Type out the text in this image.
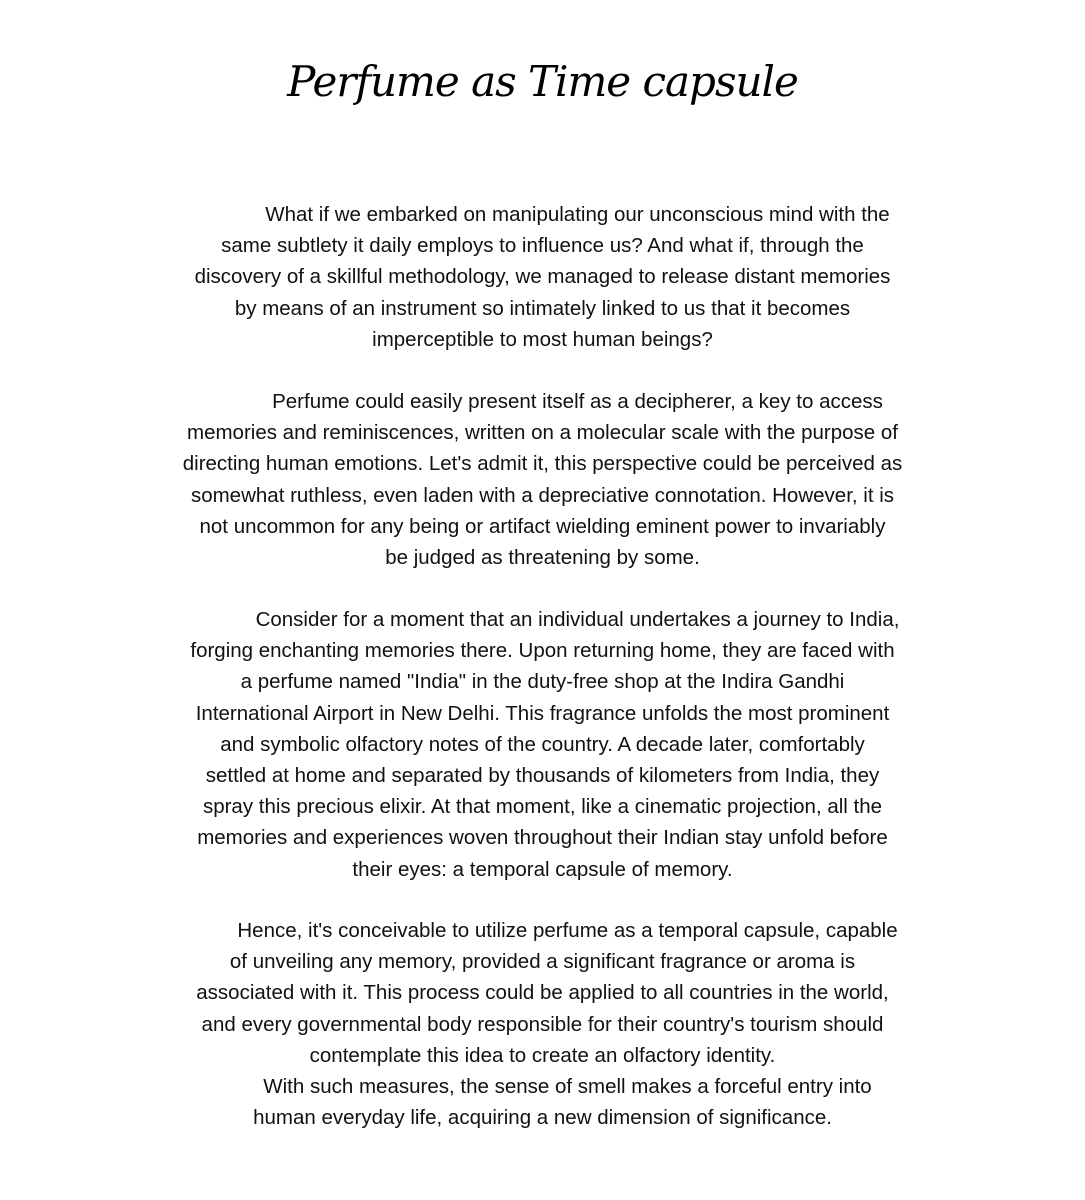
Perfume as Time capsule
What if we embarked on manipulating our unconscious mind with the
same subtlety it daily employs to influence us? And what if, through the
discovery of a skillful methodology, we managed to release distant memories
by means of an instrument so intimately linked to us that it becomes
imperceptible to most human beings?
Perfume could easily present itself as a decipherer, a key to access
memories and reminiscences, written on a molecular scale with the purpose of
directing human emotions. Let's admit it, this perspective could be perceived as
somewhat ruthless, even laden with a depreciative connotation. However, it is
not uncommon for any being or artifact wielding eminent power to invariably
be judged as threatening by some.
Consider for a moment that an individual undertakes a journey to India,
forging enchanting memories there. Upon returning home, they are faced with
a perfume named "India" in the duty-free shop at the Indira Gandhi
International Airport in New Delhi. This fragrance unfolds the most prominent
and symbolic olfactory notes of the country. A decade later, comfortably
settled at home and separated by thousands of kilometers from India, they
spray this precious elixir. At that moment, like a cinematic projection, all the
memories and experiences woven throughout their Indian stay unfold before
their eyes: a temporal capsule of memory.
Hence, it's conceivable to utilize perfume as a temporal capsule, capable
of unveiling any memory, provided a significant fragrance or aroma is
associated with it. This process could be applied to all countries in the world,
and every governmental body responsible for their country's tourism should
contemplate this idea to create an olfactory identity.
With such measures, the sense of smell makes a forceful entry into
human everyday life, acquiring a new dimension of significance.
